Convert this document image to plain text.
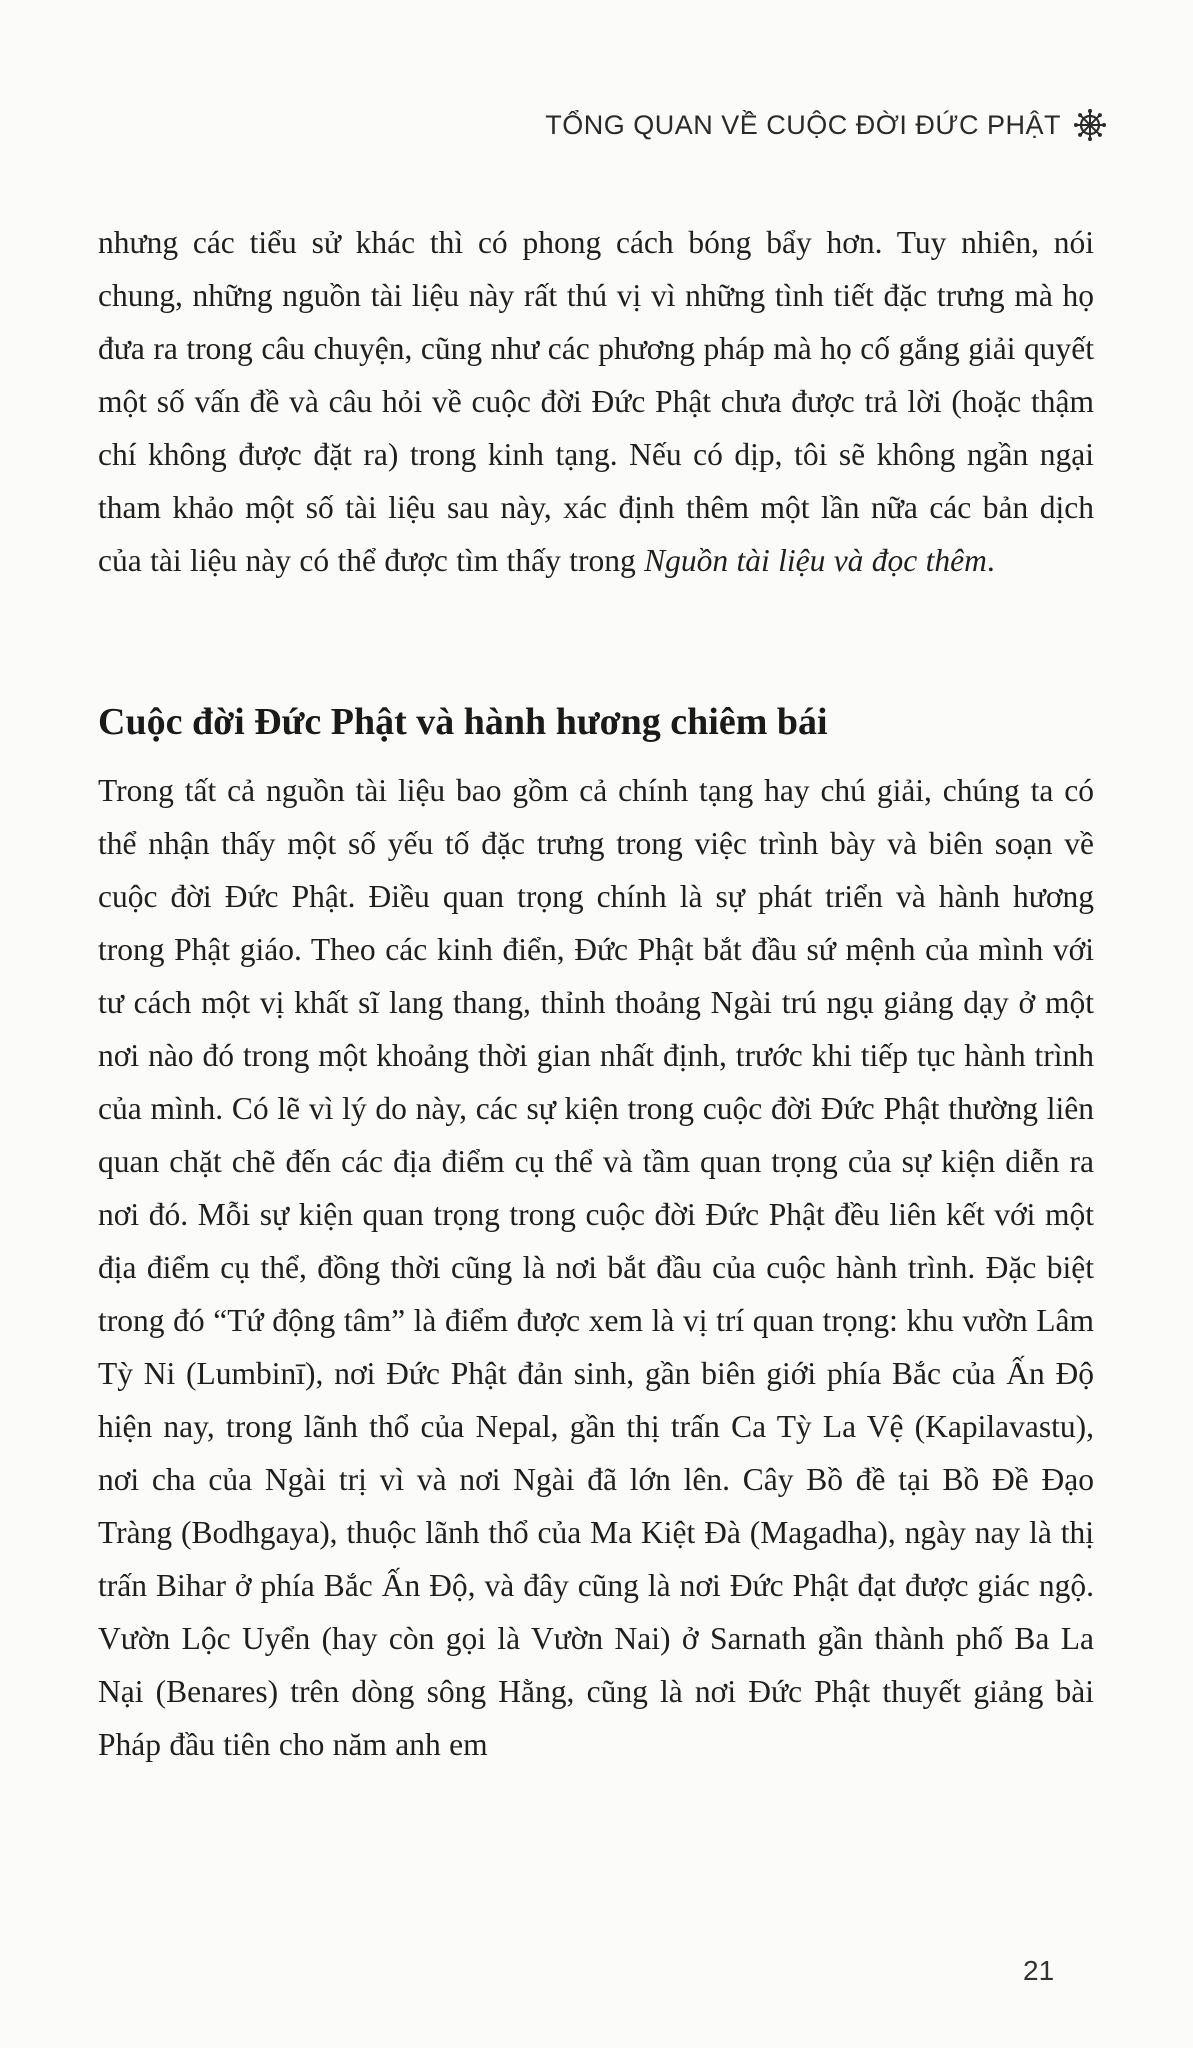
TỔNG QUAN VỀ CUỘC ĐỜI ĐỨC PHẬT

nhưng các tiểu sử khác thì có phong cách bóng bẩy hơn. Tuy nhiên, nói chung, những nguồn tài liệu này rất thú vị vì những tình tiết đặc trưng mà họ đưa ra trong câu chuyện, cũng như các phương pháp mà họ cố gắng giải quyết một số vấn đề và câu hỏi về cuộc đời Đức Phật chưa được trả lời (hoặc thậm chí không được đặt ra) trong kinh tạng. Nếu có dịp, tôi sẽ không ngần ngại tham khảo một số tài liệu sau này, xác định thêm một lần nữa các bản dịch của tài liệu này có thể được tìm thấy trong Nguồn tài liệu và đọc thêm.

Cuộc đời Đức Phật và hành hương chiêm bái

Trong tất cả nguồn tài liệu bao gồm cả chính tạng hay chú giải, chúng ta có thể nhận thấy một số yếu tố đặc trưng trong việc trình bày và biên soạn về cuộc đời Đức Phật. Điều quan trọng chính là sự phát triển và hành hương trong Phật giáo. Theo các kinh điển, Đức Phật bắt đầu sứ mệnh của mình với tư cách một vị khất sĩ lang thang, thỉnh thoảng Ngài trú ngụ giảng dạy ở một nơi nào đó trong một khoảng thời gian nhất định, trước khi tiếp tục hành trình của mình. Có lẽ vì lý do này, các sự kiện trong cuộc đời Đức Phật thường liên quan chặt chẽ đến các địa điểm cụ thể và tầm quan trọng của sự kiện diễn ra nơi đó. Mỗi sự kiện quan trọng trong cuộc đời Đức Phật đều liên kết với một địa điểm cụ thể, đồng thời cũng là nơi bắt đầu của cuộc hành trình. Đặc biệt trong đó “Tứ động tâm” là điểm được xem là vị trí quan trọng: khu vườn Lâm Tỳ Ni (Lumbinī), nơi Đức Phật đản sinh, gần biên giới phía Bắc của Ấn Độ hiện nay, trong lãnh thổ của Nepal, gần thị trấn Ca Tỳ La Vệ (Kapilavastu), nơi cha của Ngài trị vì và nơi Ngài đã lớn lên. Cây Bồ đề tại Bồ Đề Đạo Tràng (Bodhgaya), thuộc lãnh thổ của Ma Kiệt Đà (Magadha), ngày nay là thị trấn Bihar ở phía Bắc Ấn Độ, và đây cũng là nơi Đức Phật đạt được giác ngộ. Vườn Lộc Uyển (hay còn gọi là Vườn Nai) ở Sarnath gần thành phố Ba La Nại (Benares) trên dòng sông Hằng, cũng là nơi Đức Phật thuyết giảng bài Pháp đầu tiên cho năm anh em

21
